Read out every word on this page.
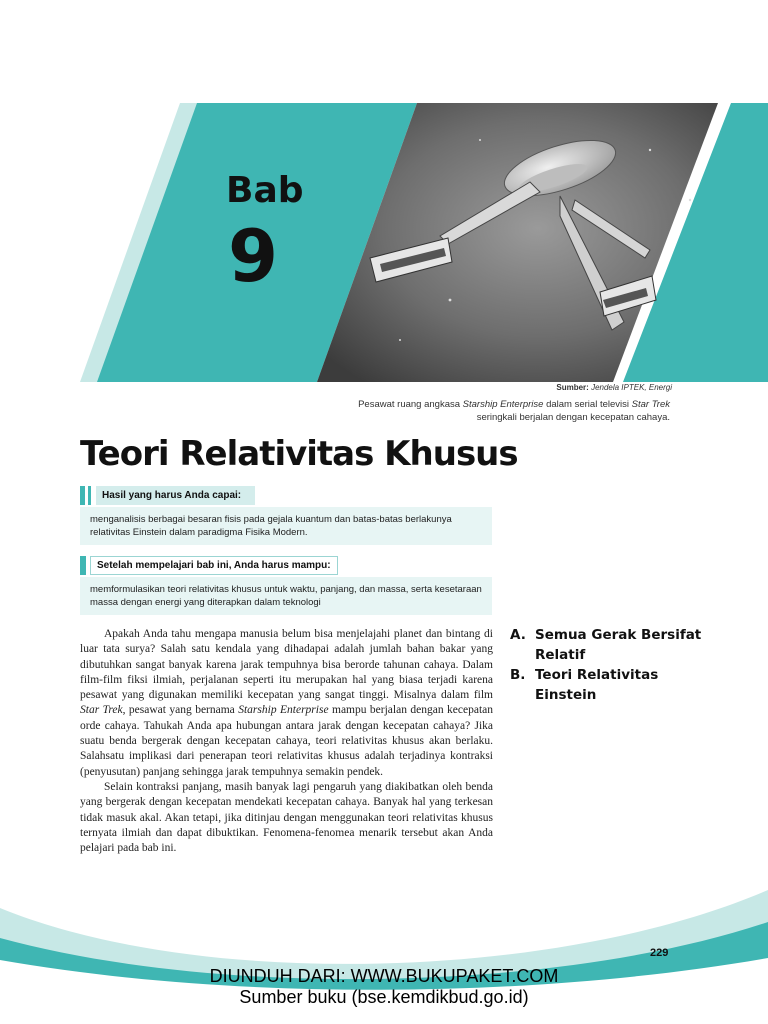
Bab
9
Sumber: Jendela IPTEK, Energi
Pesawat ruang angkasa Starship Enterprise dalam serial televisi Star Trek
seringkali berjalan dengan kecepatan cahaya.
Teori Relativitas Khusus
Hasil yang harus Anda capai:
menganalisis berbagai besaran fisis pada gejala kuantum dan batas-batas berlakunya relativitas Einstein dalam paradigma Fisika Modern.
Setelah mempelajari bab ini, Anda harus mampu:
memformulasikan teori relativitas khusus untuk waktu, panjang, dan massa, serta kesetaraan massa dengan energi yang diterapkan dalam teknologi

Apakah Anda tahu mengapa manusia belum bisa menjelajahi planet dan bintang di luar tata surya? Salah satu kendala yang dihadapai adalah jumlah bahan bakar yang dibutuhkan sangat banyak karena jarak tempuhnya bisa berorde tahunan cahaya. Dalam film-film fiksi ilmiah, perjalanan seperti itu merupakan hal yang biasa terjadi karena pesawat yang digunakan memiliki kecepatan yang sangat tinggi. Misalnya dalam film Star Trek, pesawat yang bernama Starship Enterprise mampu berjalan dengan kecepatan orde cahaya. Tahukah Anda apa hubungan antara jarak dengan kecepatan cahaya? Jika suatu benda bergerak dengan kecepatan cahaya, teori relativitas khusus akan berlaku. Salahsatu implikasi dari penerapan teori relativitas khusus adalah terjadinya kontraksi (penyusutan) panjang sehingga jarak tempuhnya semakin pendek.

Selain kontraksi panjang, masih banyak lagi pengaruh yang diakibatkan oleh benda yang bergerak dengan kecepatan mendekati kecepatan cahaya. Banyak hal yang terkesan tidak masuk akal. Akan tetapi, jika ditinjau dengan menggunakan teori relativitas khusus ternyata ilmiah dan dapat dibuktikan. Fenomena-fenomea menarik tersebut akan Anda pelajari pada bab ini.

A. Semua Gerak Bersifat Relatif
B. Teori Relativitas Einstein
229
DIUNDUH DARI: WWW.BUKUPAKET.COM
Sumber buku (bse.kemdikbud.go.id)
